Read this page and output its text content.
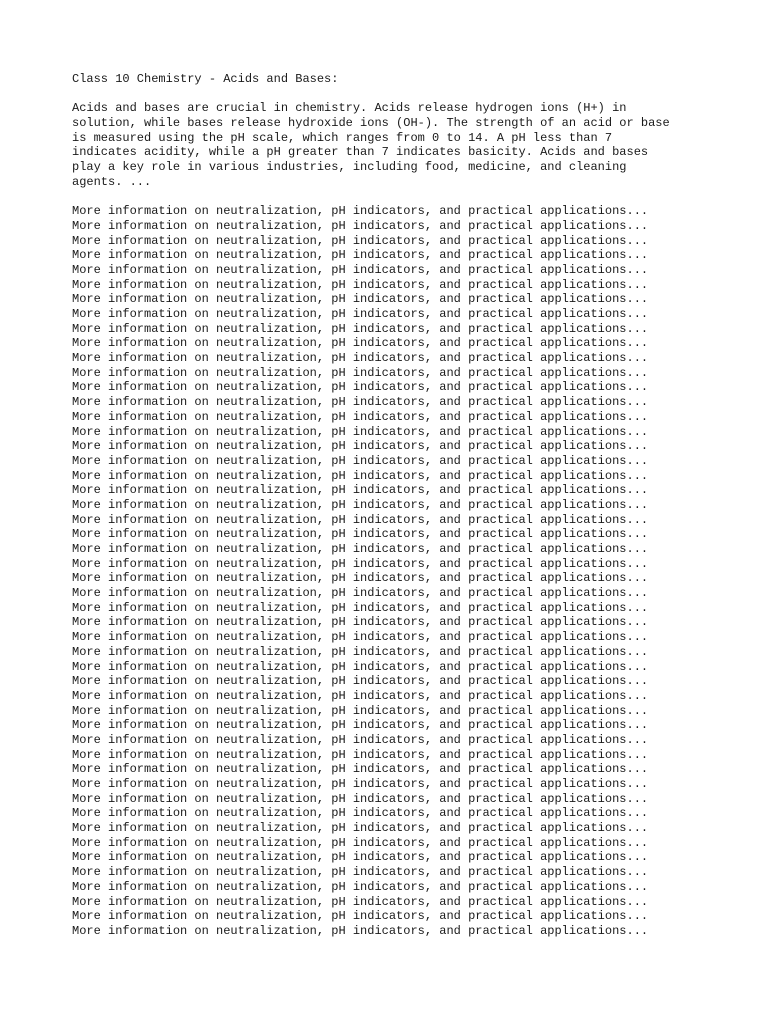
Class 10 Chemistry - Acids and Bases:
Acids and bases are crucial in chemistry. Acids release hydrogen ions (H+) in
solution, while bases release hydroxide ions (OH-). The strength of an acid or base
is measured using the pH scale, which ranges from 0 to 14. A pH less than 7
indicates acidity, while a pH greater than 7 indicates basicity. Acids and bases
play a key role in various industries, including food, medicine, and cleaning
agents. ...
More information on neutralization, pH indicators, and practical applications...
More information on neutralization, pH indicators, and practical applications...
More information on neutralization, pH indicators, and practical applications...
More information on neutralization, pH indicators, and practical applications...
More information on neutralization, pH indicators, and practical applications...
More information on neutralization, pH indicators, and practical applications...
More information on neutralization, pH indicators, and practical applications...
More information on neutralization, pH indicators, and practical applications...
More information on neutralization, pH indicators, and practical applications...
More information on neutralization, pH indicators, and practical applications...
More information on neutralization, pH indicators, and practical applications...
More information on neutralization, pH indicators, and practical applications...
More information on neutralization, pH indicators, and practical applications...
More information on neutralization, pH indicators, and practical applications...
More information on neutralization, pH indicators, and practical applications...
More information on neutralization, pH indicators, and practical applications...
More information on neutralization, pH indicators, and practical applications...
More information on neutralization, pH indicators, and practical applications...
More information on neutralization, pH indicators, and practical applications...
More information on neutralization, pH indicators, and practical applications...
More information on neutralization, pH indicators, and practical applications...
More information on neutralization, pH indicators, and practical applications...
More information on neutralization, pH indicators, and practical applications...
More information on neutralization, pH indicators, and practical applications...
More information on neutralization, pH indicators, and practical applications...
More information on neutralization, pH indicators, and practical applications...
More information on neutralization, pH indicators, and practical applications...
More information on neutralization, pH indicators, and practical applications...
More information on neutralization, pH indicators, and practical applications...
More information on neutralization, pH indicators, and practical applications...
More information on neutralization, pH indicators, and practical applications...
More information on neutralization, pH indicators, and practical applications...
More information on neutralization, pH indicators, and practical applications...
More information on neutralization, pH indicators, and practical applications...
More information on neutralization, pH indicators, and practical applications...
More information on neutralization, pH indicators, and practical applications...
More information on neutralization, pH indicators, and practical applications...
More information on neutralization, pH indicators, and practical applications...
More information on neutralization, pH indicators, and practical applications...
More information on neutralization, pH indicators, and practical applications...
More information on neutralization, pH indicators, and practical applications...
More information on neutralization, pH indicators, and practical applications...
More information on neutralization, pH indicators, and practical applications...
More information on neutralization, pH indicators, and practical applications...
More information on neutralization, pH indicators, and practical applications...
More information on neutralization, pH indicators, and practical applications...
More information on neutralization, pH indicators, and practical applications...
More information on neutralization, pH indicators, and practical applications...
More information on neutralization, pH indicators, and practical applications...
More information on neutralization, pH indicators, and practical applications...
